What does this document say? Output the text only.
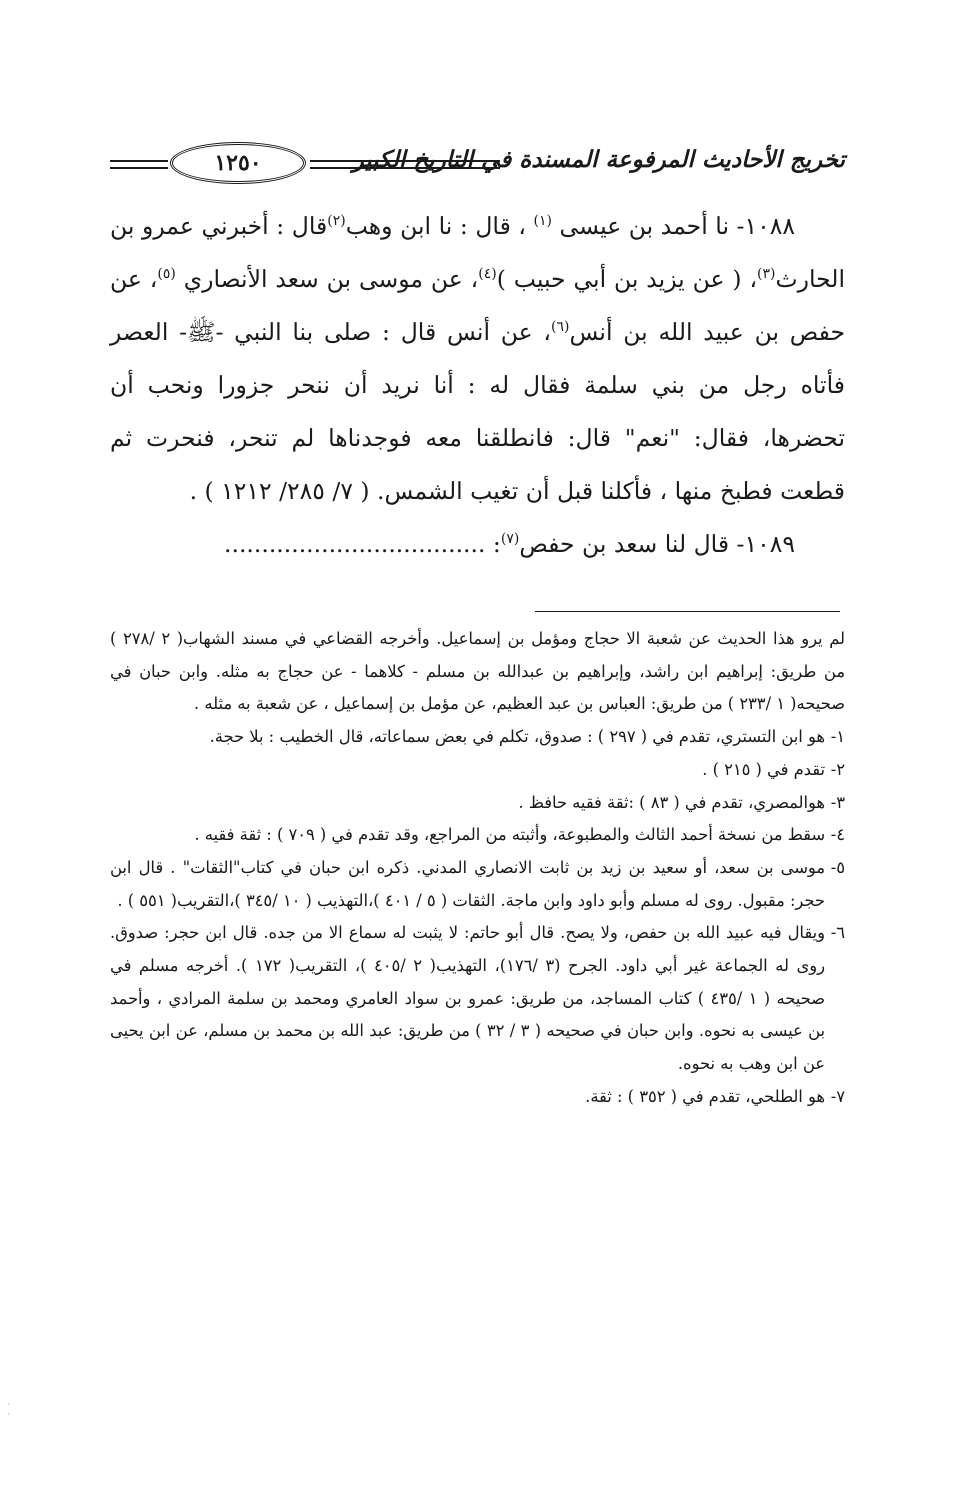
تخريج الأحاديث المرفوعة المسندة في التاريخ الكبير
١٢٥٠

١٠٨٨- نا أحمد بن عيسى $^{(١)}$ ، قال : نا ابن وهب$^{(٢)}$قال : أخبرني عمرو بن الحارث$^{(٣)}$، ( عن يزيد بن أبي حبيب )$^{(٤)}$، عن موسى بن سعد الأنصاري $^{(٥)}$، عن حفص بن عبيد الله بن أنس$^{(٦)}$، عن أنس قال : صلى بنا النبي -ﷺ- العصر فأتاه رجل من بني سلمة فقال له : أنا نريد أن ننحر جزورا ونحب أن تحضرها، فقال: "نعم" قال: فانطلقنا معه فوجدناها لم تنحر، فنحرت ثم قطعت فطبخ منها ، فأكلنا قبل أن تغيب الشمس. ( ٧/ ٢٨٥/ ١٢١٢ ) .

١٠٨٩- قال لنا سعد بن حفص$^{(٧)}$: ...................................

لم يرو هذا الحديث عن شعبة الا حجاج ومؤمل بن إسماعيل. وأخرجه القضاعي في مسند الشهاب( ٢ /٢٧٨ ) من طريق: إبراهيم ابن راشد، وإبراهيم بن عبدالله بن مسلم - كلاهما - عن حجاج به مثله. وابن حبان في صحيحه( ١ /٢٣٣ ) من طريق: العباس بن عبد العظيم، عن مؤمل بن إسماعيل ، عن شعبة به مثله .

١-هو ابن التستري، تقدم في ( ٢٩٧ ) : صدوق، تكلم في بعض سماعاته، قال الخطيب : بلا حجة.

٢-تقدم في ( ٢١٥ ) .

٣-هوالمصري، تقدم في ( ٨٣ ) :ثقة فقيه حافظ .

٤-سقط من نسخة أحمد الثالث والمطبوعة، وأثبته من المراجع، وقد تقدم في ( ٧٠٩ ) : ثقة فقيه .

٥-موسى بن سعد، أو سعيد بن زيد بن ثابت الانصاري المدني. ذكره ابن حبان في كتاب"الثقات" . قال ابن حجر: مقبول. روى له مسلم وأبو داود وابن ماجة. الثقات ( ٥ / ٤٠١ )،التهذيب ( ١٠ /٣٤٥ )،التقريب( ٥٥١ ) .

٦-ويقال فيه عبيد الله بن حفص، ولا يصح. قال أبو حاتم: لا يثبت له سماع الا من جده. قال ابن حجر: صدوق. روى له الجماعة غير أبي داود. الجرح (٣ /١٧٦)، التهذيب( ٢ /٤٠٥ )، التقريب( ١٧٢ ). أخرجه مسلم في صحيحه ( ١ /٤٣٥ ) كتاب المساجد، من طريق: عمرو بن سواد العامري ومحمد بن سلمة المرادي ، وأحمد بن عيسى به نحوه. وابن حبان في صحيحه ( ٣ / ٣٢ ) من طريق: عبد الله بن محمد بن مسلم، عن ابن يحيى عن ابن وهب به نحوه.

٧-هو الطلحي، تقدم في ( ٣٥٢ ) : ثقة.

·
·
